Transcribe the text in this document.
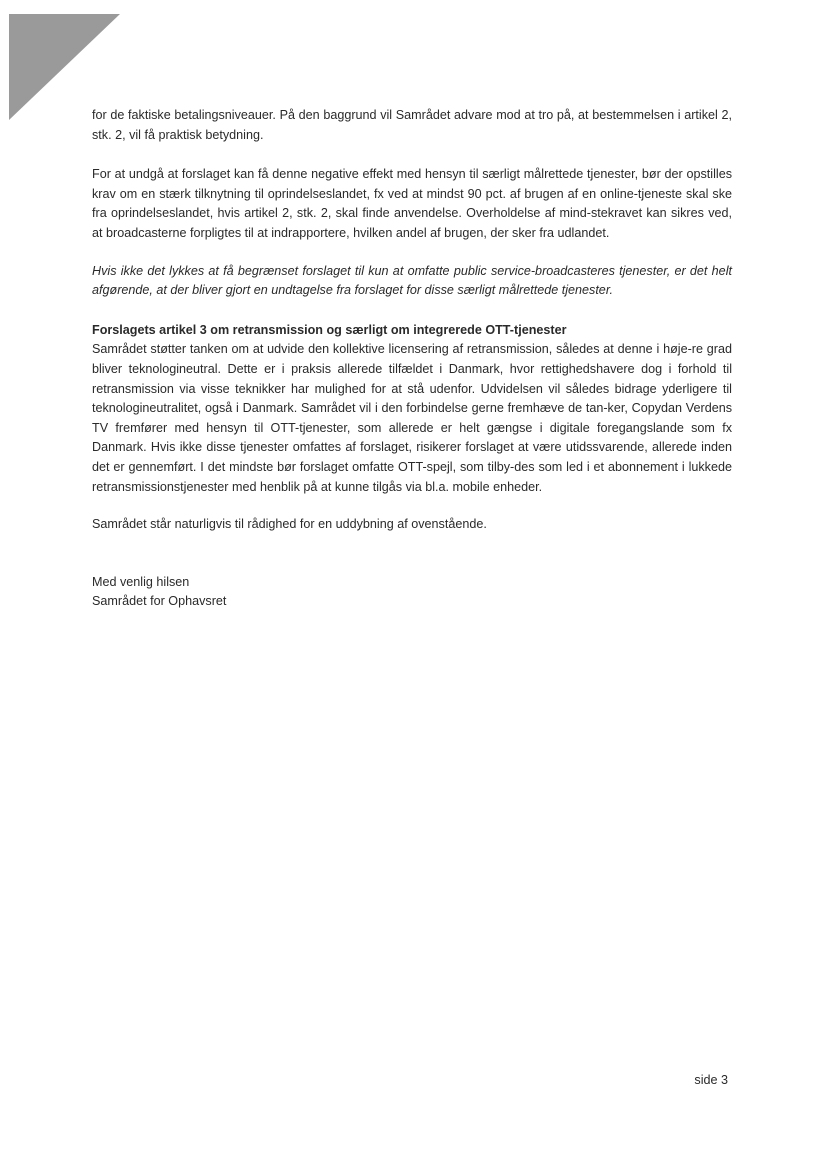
for de faktiske betalingsniveauer. På den baggrund vil Samrådet advare mod at tro på, at bestemmelsen i artikel 2, stk. 2, vil få praktisk betydning.

For at undgå at forslaget kan få denne negative effekt med hensyn til særligt målrettede tjenester, bør der opstilles krav om en stærk tilknytning til oprindelseslandet, fx ved at mindst 90 pct. af brugen af en online-tjeneste skal ske fra oprindelseslandet, hvis artikel 2, stk. 2, skal finde anvendelse. Overholdelse af mind-stekravet kan sikres ved, at broadcasterne forpligtes til at indrapportere, hvilken andel af brugen, der sker fra udlandet.

Hvis ikke det lykkes at få begrænset forslaget til kun at omfatte public service-broadcasteres tjenester, er det helt afgørende, at der bliver gjort en undtagelse fra forslaget for disse særligt målrettede tjenester.

Forslagets artikel 3 om retransmission og særligt om integrerede OTT-tjenester

Samrådet støtter tanken om at udvide den kollektive licensering af retransmission, således at denne i høje-re grad bliver teknologineutral. Dette er i praksis allerede tilfældet i Danmark, hvor rettighedshavere dog i forhold til retransmission via visse teknikker har mulighed for at stå udenfor. Udvidelsen vil således bidrage yderligere til teknologineutralitet, også i Danmark. Samrådet vil i den forbindelse gerne fremhæve de tan-ker, Copydan Verdens TV fremfører med hensyn til OTT-tjenester, som allerede er helt gængse i digitale foregangslande som fx Danmark. Hvis ikke disse tjenester omfattes af forslaget, risikerer forslaget at være utidssvarende, allerede inden det er gennemført. I det mindste bør forslaget omfatte OTT-spejl, som tilby-des som led i et abonnement i lukkede retransmissionstjenester med henblik på at kunne tilgås via bl.a. mobile enheder.

Samrådet står naturligvis til rådighed for en uddybning af ovenstående.

Med venlig hilsen

Samrådet for Ophavsret

side 3
